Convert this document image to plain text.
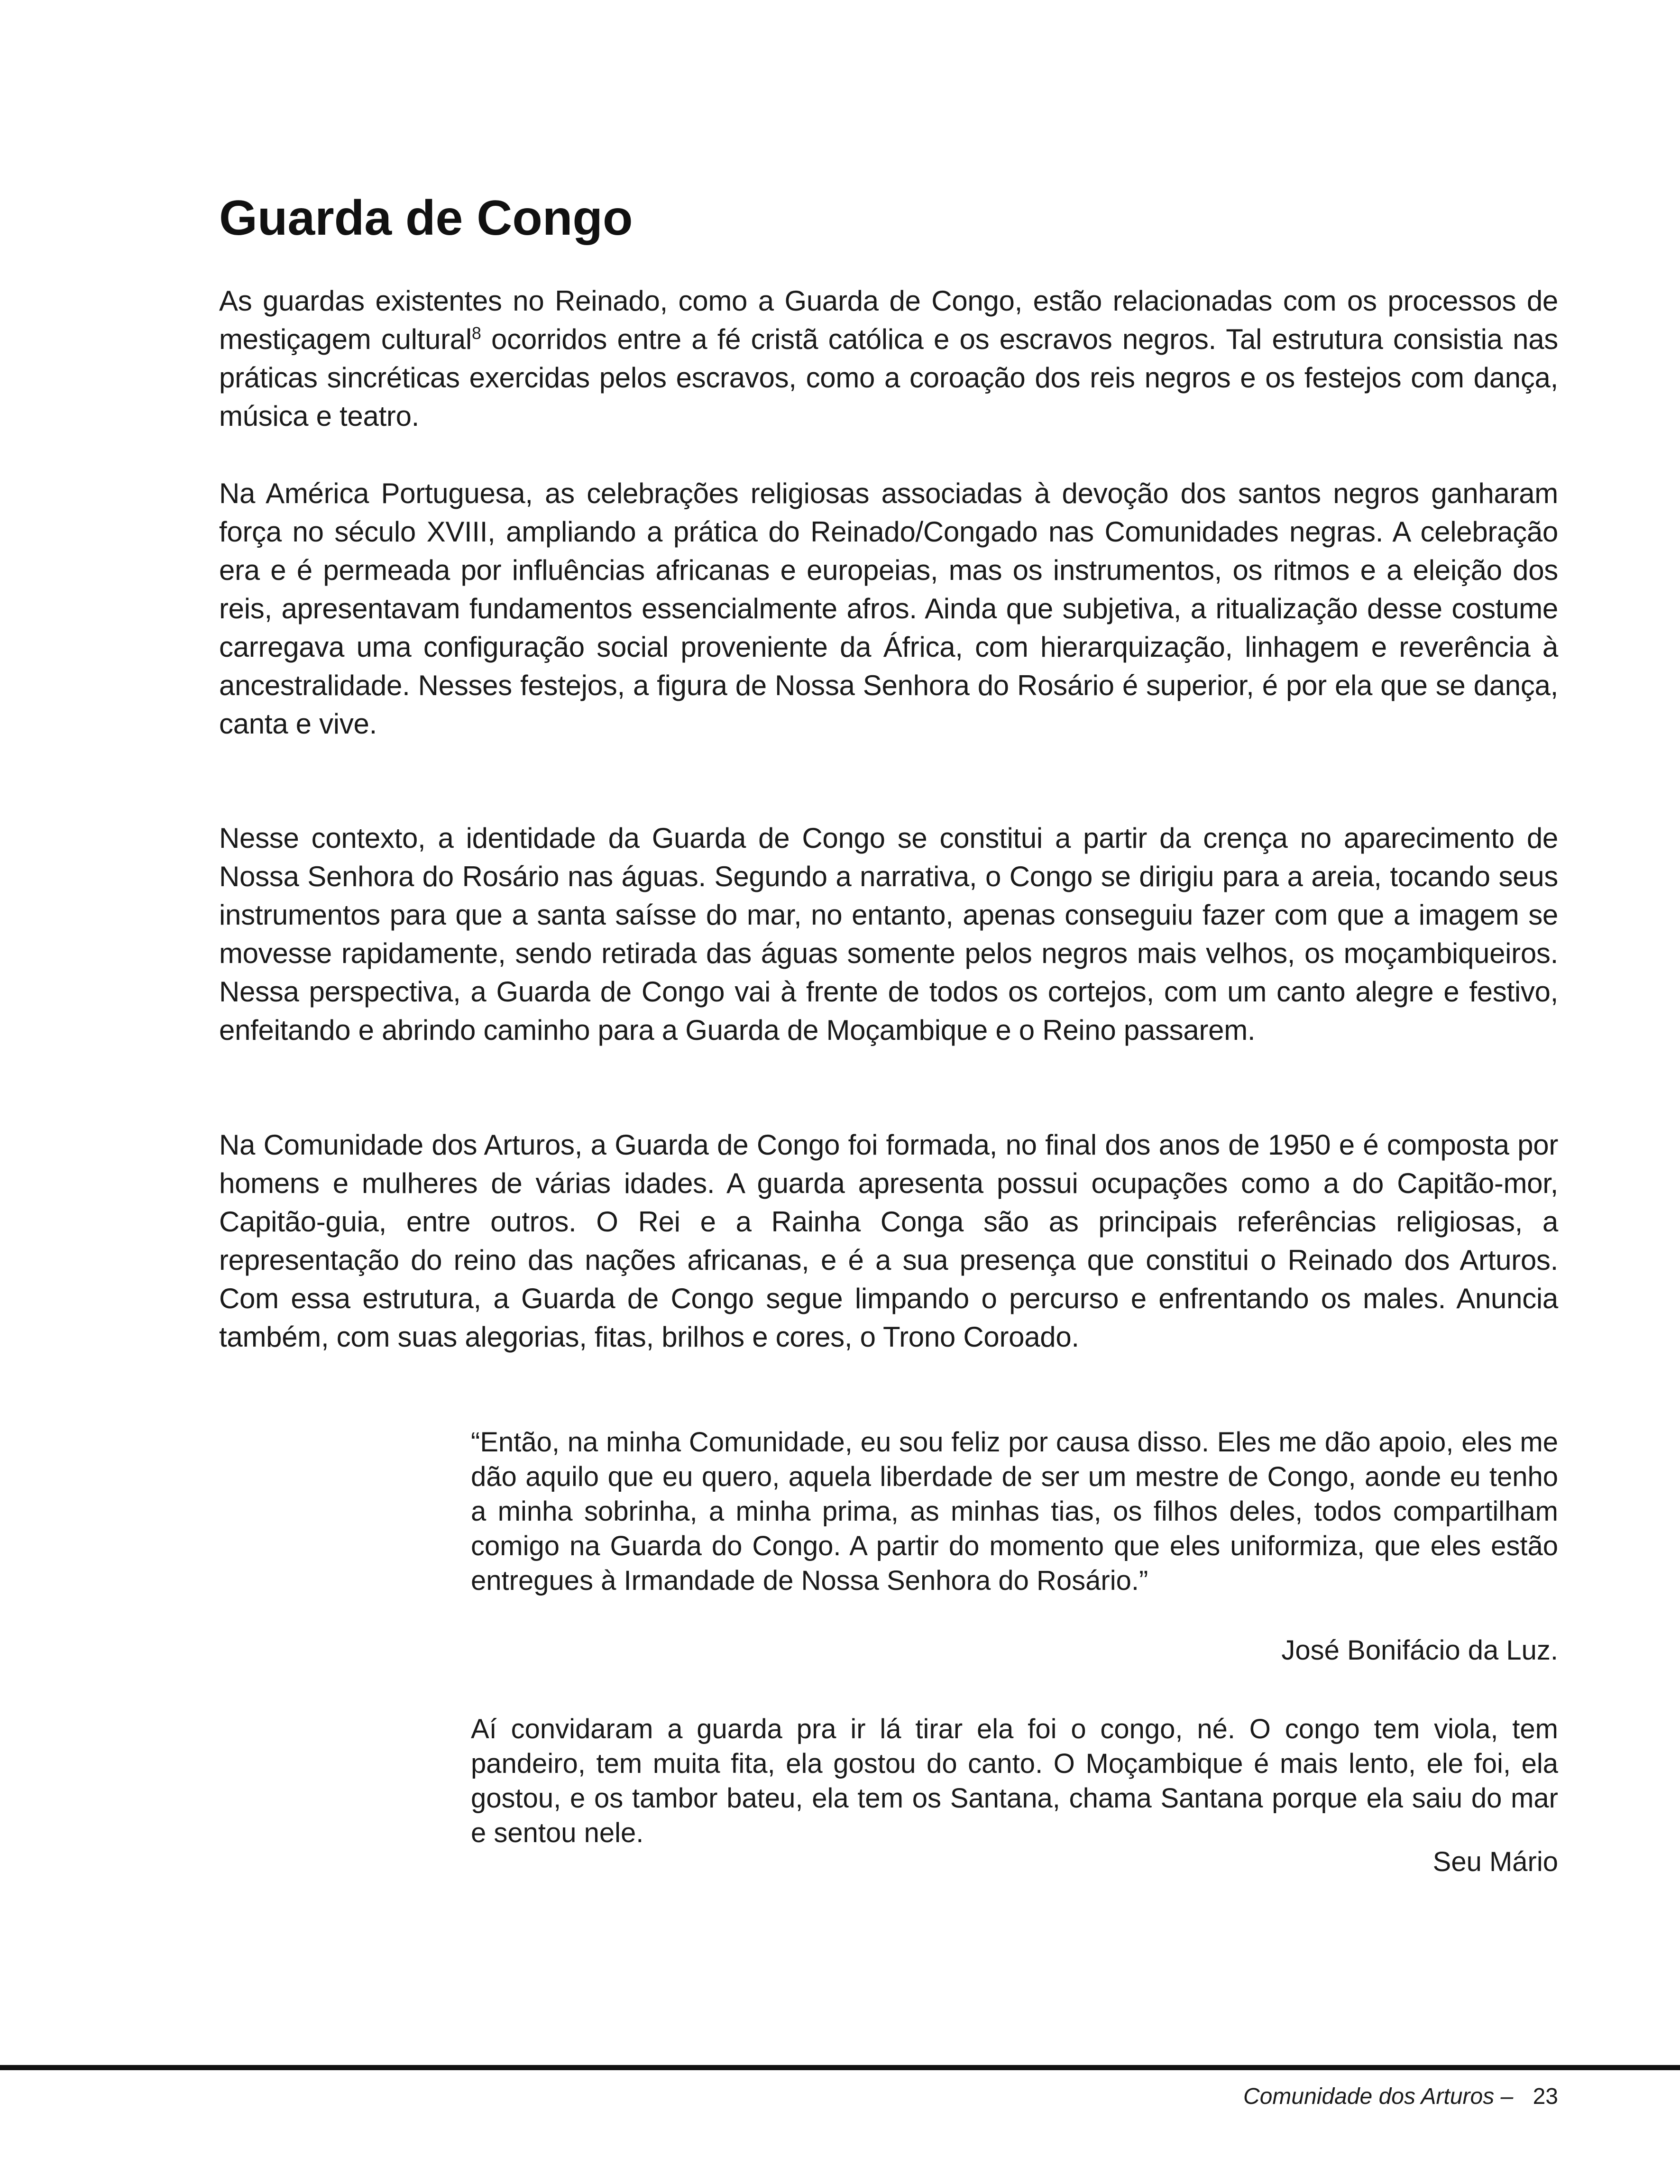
Guarda de Congo

As guardas existentes no Reinado, como a Guarda de Congo, estão relacionadas com os processos de mestiçagem cultural$^8$ ocorridos entre a fé cristã católica e os escravos negros. Tal estrutura consistia nas práticas sincréticas exercidas pelos escravos, como a coroação dos reis negros e os festejos com dança, música e teatro.

Na América Portuguesa, as celebrações religiosas associadas à devoção dos santos negros ganharam força no século XVIII, ampliando a prática do Reinado/Congado nas Comunidades negras. A celebração era e é permeada por influências africanas e europeias, mas os instrumentos, os ritmos e a eleição dos reis, apresentavam fundamentos essencialmente afros. Ainda que subjetiva, a ritualização desse costume carregava uma configuração social proveniente da África, com hierarquização, linhagem e reverência à ancestralidade. Nesses festejos, a figura de Nossa Senhora do Rosário é superior, é por ela que se dança, canta e vive.

Nesse contexto, a identidade da Guarda de Congo se constitui a partir da crença no aparecimento de Nossa Senhora do Rosário nas águas. Segundo a narrativa, o Congo se dirigiu para a areia, tocando seus instrumentos para que a santa saísse do mar, no entanto, apenas conseguiu fazer com que a imagem se movesse rapidamente, sendo retirada das águas somente pelos negros mais velhos, os moçambiqueiros. Nessa perspectiva, a Guarda de Congo vai à frente de todos os cortejos, com um canto alegre e festivo, enfeitando e abrindo caminho para a Guarda de Moçambique e o Reino passarem.

Na Comunidade dos Arturos, a Guarda de Congo foi formada, no final dos anos de 1950 e é composta por homens e mulheres de várias idades. A guarda apresenta possui ocupações como a do Capitão-mor, Capitão-guia, entre outros. O Rei e a Rainha Conga são as principais referências religiosas, a representação do reino das nações africanas, e é a sua presença que constitui o Reinado dos Arturos. Com essa estrutura, a Guarda de Congo segue limpando o percurso e enfrentando os males. Anuncia também, com suas alegorias, fitas, brilhos e cores, o Trono Coroado.

“Então, na minha Comunidade, eu sou feliz por causa disso. Eles me dão apoio, eles me dão aquilo que eu quero, aquela liberdade de ser um mestre de Congo, aonde eu tenho a minha sobrinha, a minha prima, as minhas tias, os filhos deles, todos compartilham comigo na Guarda do Congo. A partir do momento que eles uniformiza, que eles estão entregues à Irmandade de Nossa Senhora do Rosário.”

José Bonifácio da Luz.

Aí convidaram a guarda pra ir lá tirar ela foi o congo, né. O congo tem viola, tem pandeiro, tem muita fita, ela gostou do canto. O Moçambique é mais lento, ele foi, ela gostou, e os tambor bateu, ela tem os Santana, chama Santana porque ela saiu do mar e sentou nele.

Seu Mário

Comunidade dos Arturos – 23
